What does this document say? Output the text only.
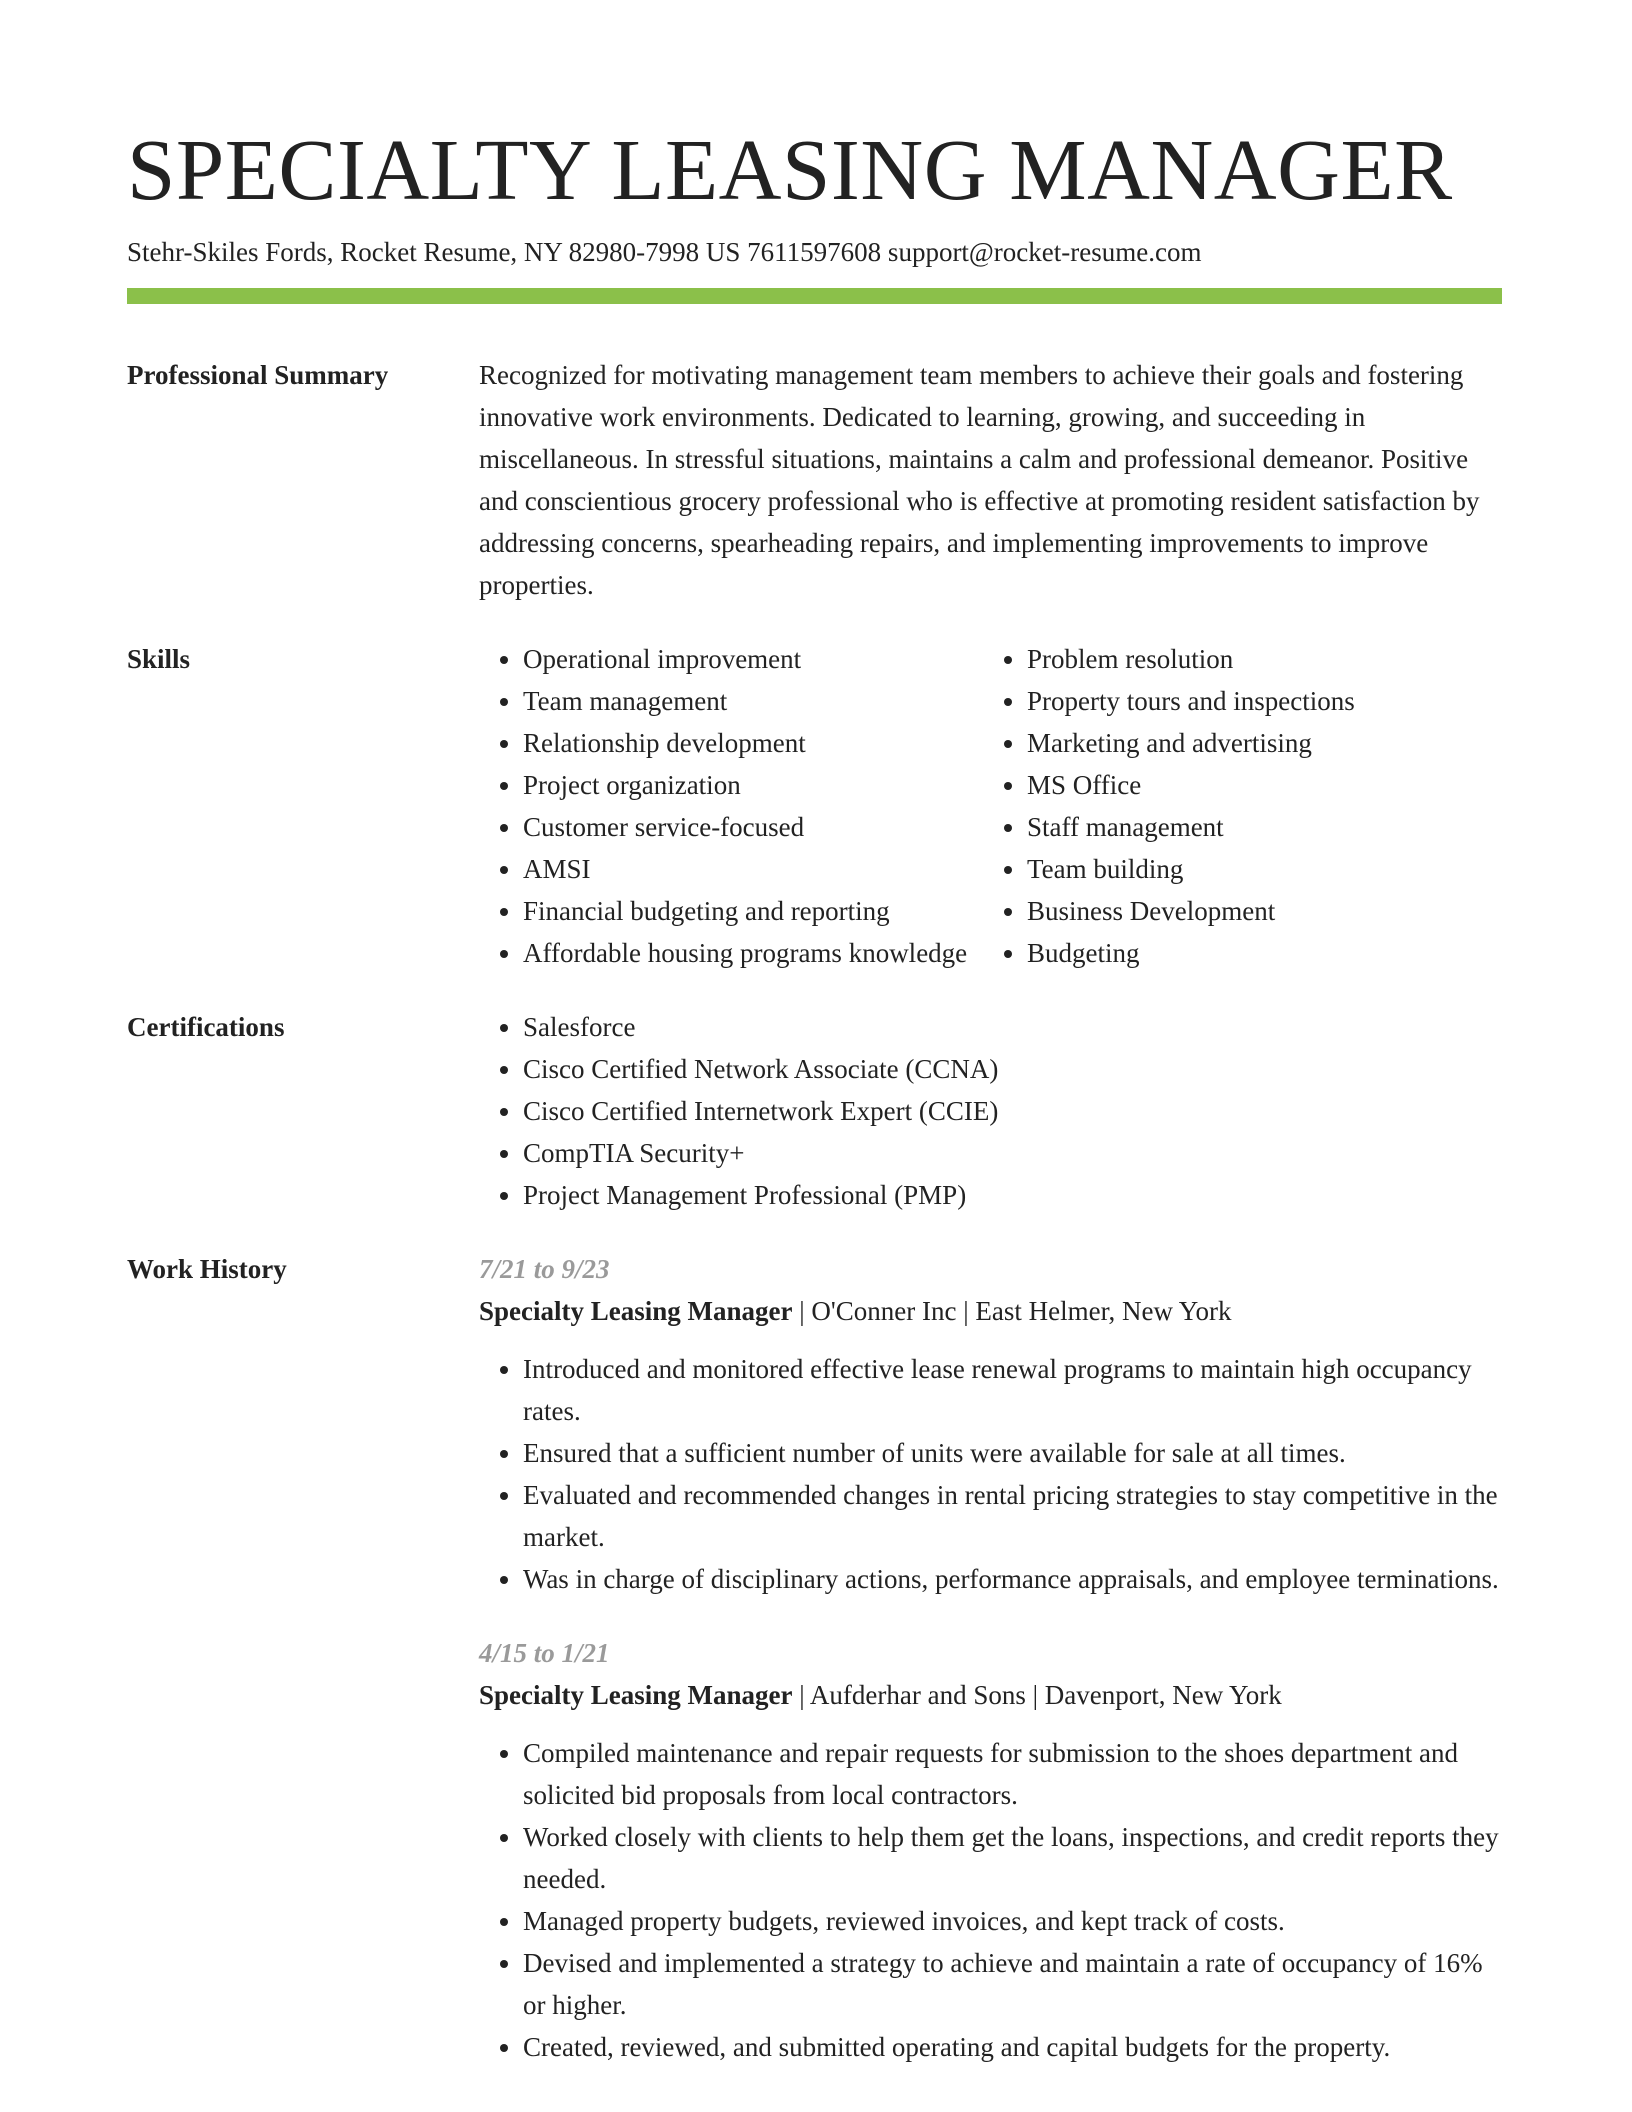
SPECIALTY LEASING MANAGER
Stehr-Skiles Fords, Rocket Resume, NY 82980-7998 US 7611597608 support@rocket-resume.com
Professional Summary	Recognized for motivating management team members to achieve their goals and fostering innovative work environments. Dedicated to learning, growing, and succeeding in miscellaneous. In stressful situations, maintains a calm and professional demeanor. Positive and conscientious grocery professional who is effective at promoting resident satisfaction by addressing concerns, spearheading repairs, and implementing improvements to improve properties.

Skills	• Operational improvement
• Team management
• Relationship development
• Project organization
• Customer service-focused
• AMSI
• Financial budgeting and reporting
• Affordable housing programs knowledge
• Problem resolution
• Property tours and inspections
• Marketing and advertising
• MS Office
• Staff management
• Team building
• Business Development
• Budgeting
Certifications	• Salesforce
• Cisco Certified Network Associate (CCNA)
• Cisco Certified Internetwork Expert (CCIE)
• CompTIA Security+
• Project Management Professional (PMP)
Work History	7/21 to 9/23
Specialty Leasing Manager | O'Conner Inc | East Helmer, New York
• Introduced and monitored effective lease renewal programs to maintain high occupancy rates.
• Ensured that a sufficient number of units were available for sale at all times.
• Evaluated and recommended changes in rental pricing strategies to stay competitive in the market.
• Was in charge of disciplinary actions, performance appraisals, and employee terminations.
4/15 to 1/21
Specialty Leasing Manager | Aufderhar and Sons | Davenport, New York
• Compiled maintenance and repair requests for submission to the shoes department and solicited bid proposals from local contractors.
• Worked closely with clients to help them get the loans, inspections, and credit reports they needed.
• Managed property budgets, reviewed invoices, and kept track of costs.
• Devised and implemented a strategy to achieve and maintain a rate of occupancy of 16% or higher.
• Created, reviewed, and submitted operating and capital budgets for the property.
